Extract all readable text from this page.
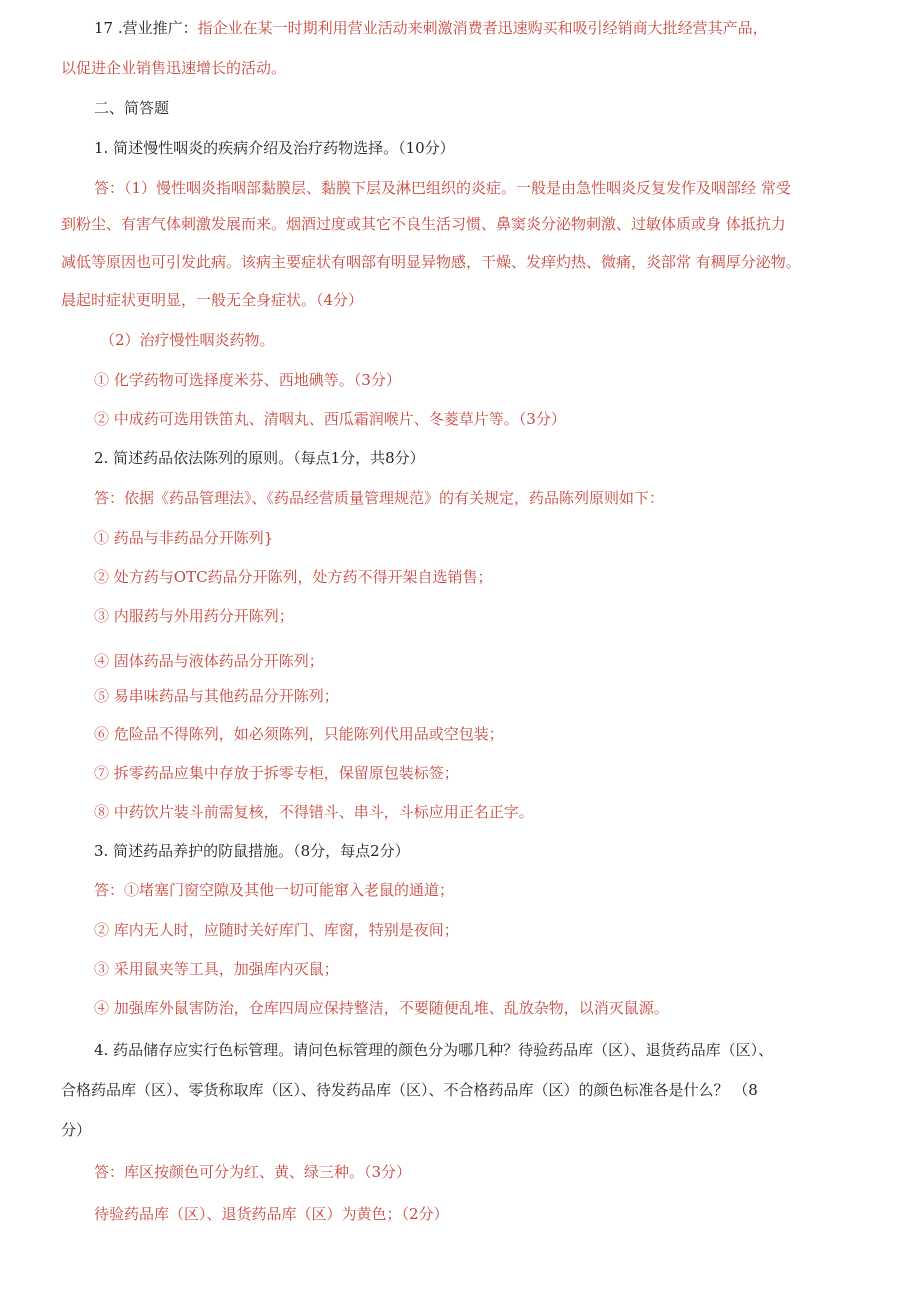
17 .营业推广：指企业在某一时期利用营业活动来刺激消费者迅速购买和吸引经销商大批经营其产品，
以促进企业销售迅速增长的活动。
二、简答题
1. 简述慢性咽炎的疾病介绍及治疗药物选择。（10分）
答：（1）慢性咽炎指咽部黏膜层、黏膜下层及淋巴组织的炎症。一般是由急性咽炎反复发作及咽部经 常受
到粉尘、有害气体刺激发展而来。烟酒过度或其它不良生活习惯、鼻窦炎分泌物刺激、过敏体质或身 体抵抗力
减低等原因也可引发此病。该病主要症状有咽部有明显异物感，干燥、发痒灼热、微痛，炎部常 有稠厚分泌物。
晨起时症状更明显，一般无全身症状。（4分）
（2）治疗慢性咽炎药物。
① 化学药物可选择度米芬、西地碘等。（3分）
② 中成药可选用铁笛丸、清咽丸、西瓜霜润喉片、冬菱草片等。（3分）
2. 简述药品依法陈列的原则。（每点1分，共8分）
答：依据《药品管理法》、《药品经营质量管理规范》的有关规定，药品陈列原则如下：
① 药品与非药品分开陈列}
② 处方药与OTC药品分开陈列，处方药不得开架自选销售；
③ 内服药与外用药分开陈列；
④ 固体药品与液体药品分开陈列；
⑤ 易串味药品与其他药品分开陈列；
⑥ 危险品不得陈列，如必须陈列，只能陈列代用品或空包装；
⑦ 拆零药品应集中存放于拆零专柜，保留原包装标签；
⑧ 中药饮片装斗前需复核，不得错斗、串斗，斗标应用正名正字。
3. 简述药品养护的防鼠措施。（8分，每点2分）
答：①堵塞门窗空隙及其他一切可能窜入老鼠的通道；
② 库内无人时，应随时关好库门、库窗，特别是夜间；
③ 采用鼠夹等工具，加强库内灭鼠；
④ 加强库外鼠害防治，仓库四周应保持整洁，不要随便乱堆、乱放杂物，以消灭鼠源。
4. 药品储存应实行色标管理。请问色标管理的颜色分为哪几种？待验药品库（区）、退货药品库（区）、
合格药品库（区）、零货称取库（区）、待发药品库（区）、不合格药品库（区）的颜色标准各是什么？ （8
分）
答：库区按颜色可分为红、黄、绿三种。（3分）
待验药品库（区）、退货药品库（区）为黄色；（2分）
